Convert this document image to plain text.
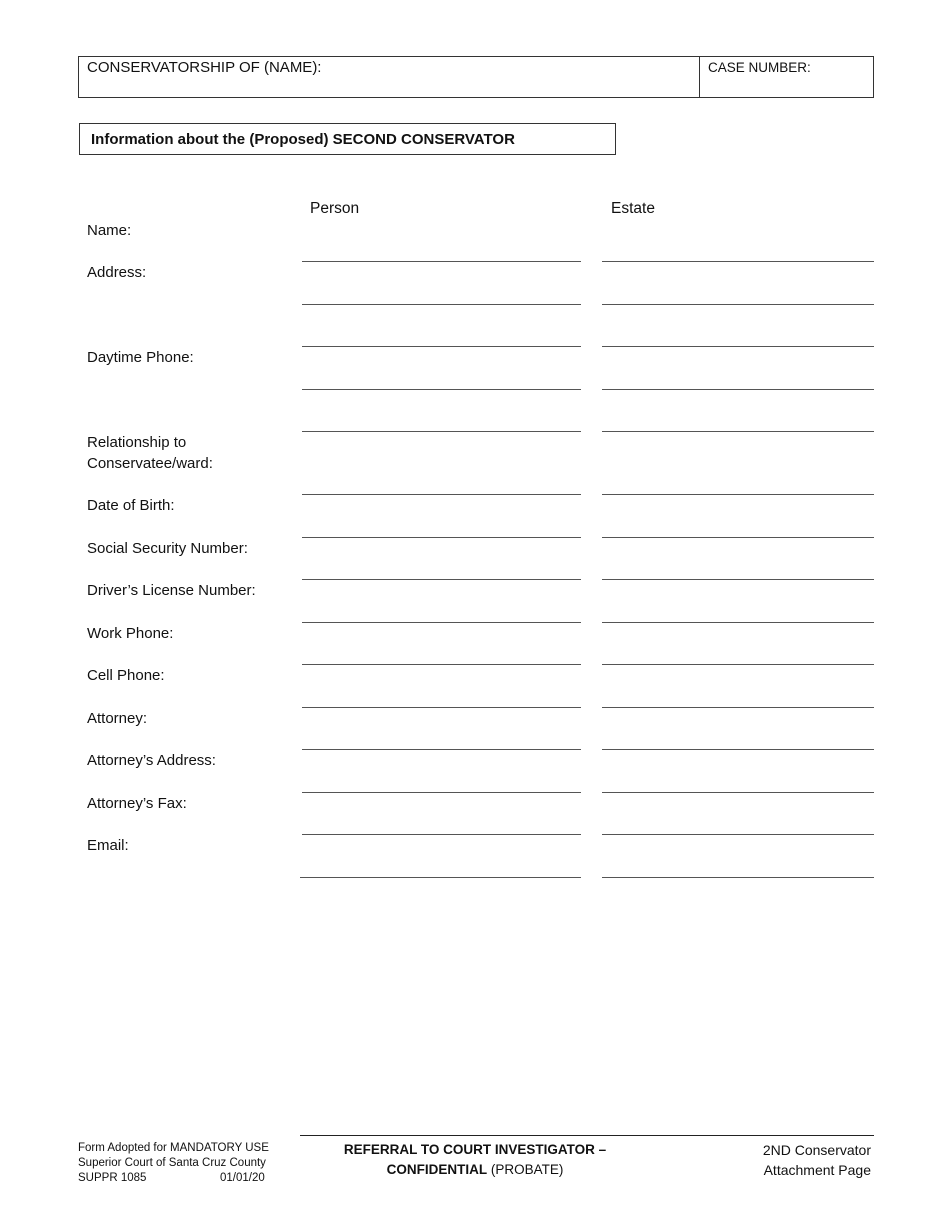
CONSERVATORSHIP OF (NAME):	CASE NUMBER:
Information about the (Proposed) SECOND CONSERVATOR
Person	Estate
Name:
Address:
Daytime Phone:
Relationship to
Conservatee/ward:
Date of Birth:
Social Security Number:
Driver’s License Number:
Work Phone:
Cell Phone:
Attorney:
Attorney’s Address:
Attorney’s Fax:
Email:
Form Adopted for MANDATORY USE
Superior Court of Santa Cruz County
SUPPR 1085	01/01/20
REFERRAL TO COURT INVESTIGATOR –
CONFIDENTIAL (PROBATE)
2ND Conservator
Attachment Page
